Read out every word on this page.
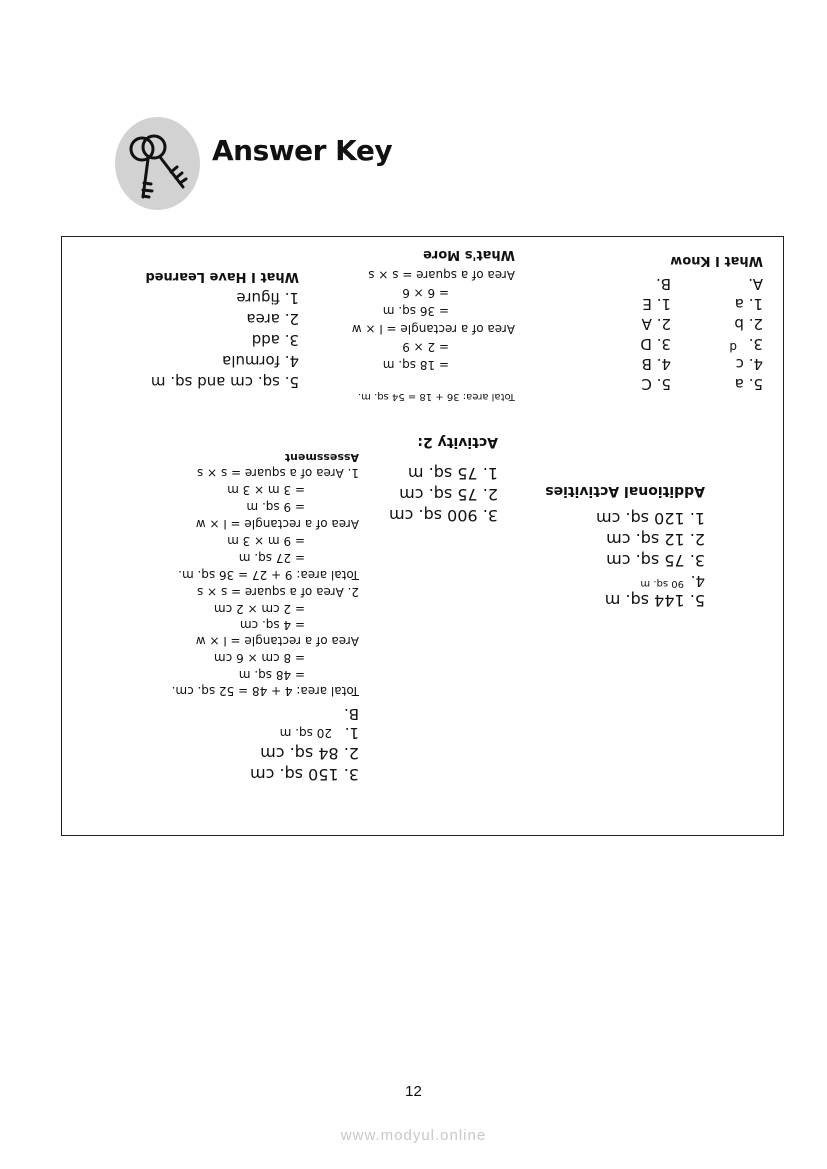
Answer Key
What I Know
A.
B.
1. a
2. b
3.
d
4. c
5. a
1. E
2. A
3. D
4. B
5. C
What's More
Area of a square = s × s
= 6 × 6
= 36 sq. m
Area of a rectangle = l × w
= 2 × 9
= 18 sq. m
Total area: 36 + 18 = 54 sq. m.
What I Have Learned
1. figure
2. area
3. add
4. formula
5. sq. cm and sq. m
Activity 2:
1. 75 sq. m
2. 75 sq. cm
3. 900 sq. cm
Additional Activities
1. 120 sq. cm
2. 12 sq. cm
3. 75 sq. cm
4.
90 sq. m
5. 144 sq. m
Assessment
1. Area of a square = s × s
= 3 m × 3 m
= 9 sq. m
Area of a rectangle = l × w
= 9 m × 3 m
= 27 sq. m
Total area: 9 + 27 = 36 sq. m.
2. Area of a square = s × s
= 2 cm × 2 cm
= 4 sq. cm
Area of a rectangle = l × w
= 8 cm × 6 cm
= 48 sq. m
Total area: 4 + 48 = 52 sq. cm.
B.
1.
20 sq. m
2. 84 sq. cm
3. 150 sq. cm
12
www.modyul.online
